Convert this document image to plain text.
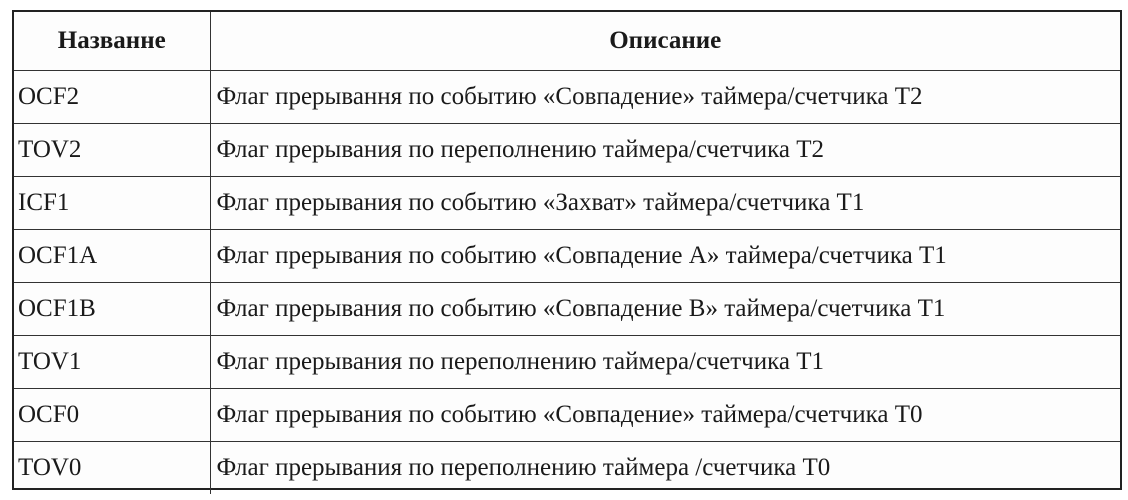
Названне	Описание
OCF2	Флаг прерывання по событию «Совпадение» таймера/счетчика T2
TOV2	Флаг прерывания по переполнению таймера/счетчика Т2
ICF1	Флаг прерывания по событию «Захват» таймера/счетчика Т1
OCF1A	Флаг прерывания по событию «Совпадение А» таймера/счетчика Т1
OCF1B	Флаг прерывания по событию «Совпадение В» таймера/счетчика Т1
TOV1	Флаг прерывания по переполнению таймера/счетчика Т1
OCF0	Флаг прерывания по событию «Совпадение» таймера/счетчика Т0
TOV0	Флаг прерывания по переполнению таймера /счетчика Т0
